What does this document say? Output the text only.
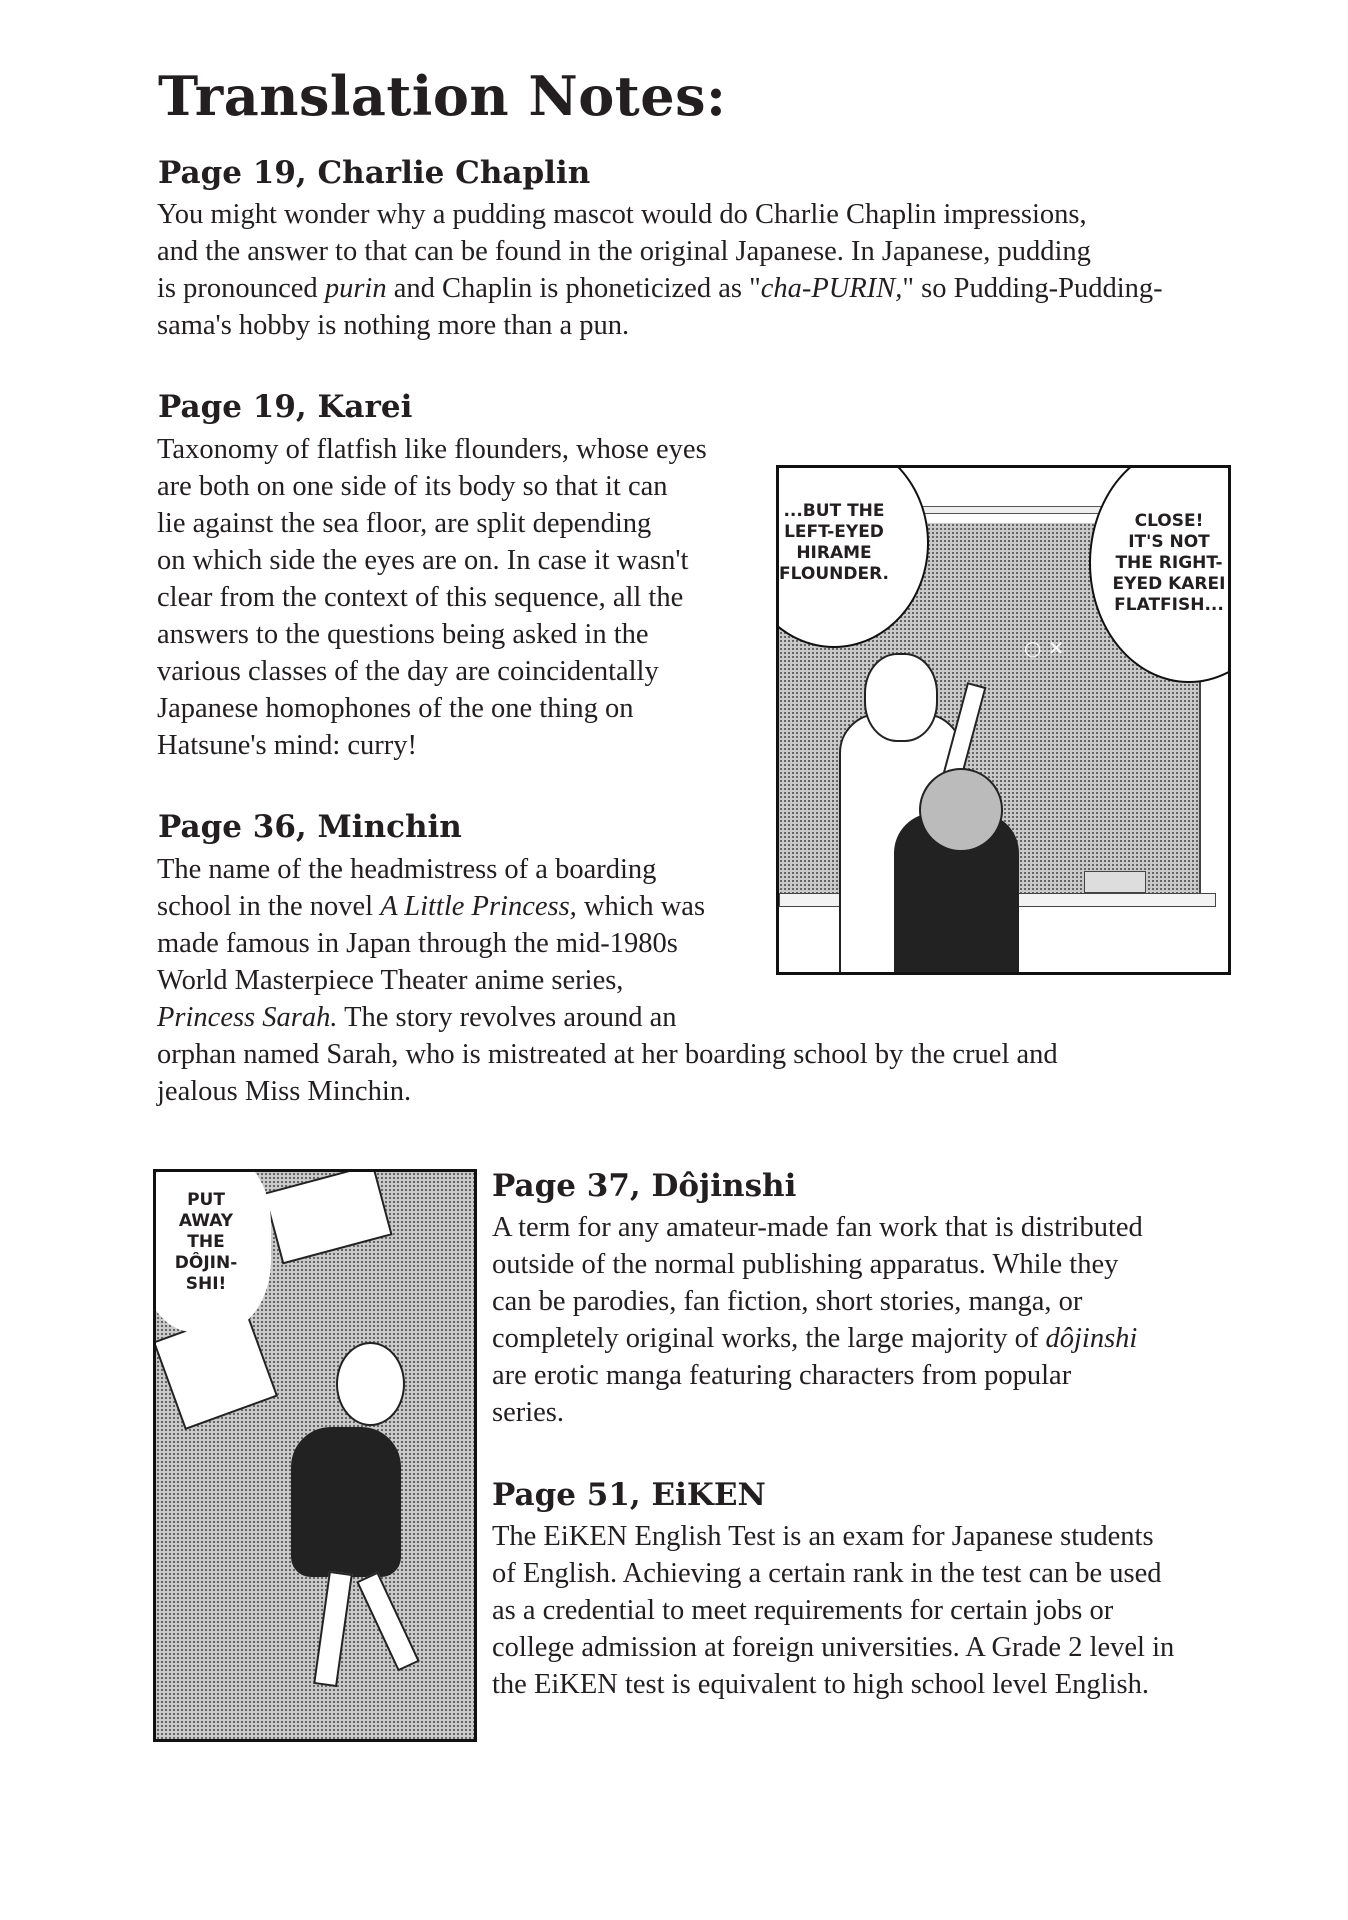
Translation Notes:
Page 19, Charlie Chaplin
You might wonder why a pudding mascot would do Charlie Chaplin impressions,
and the answer to that can be found in the original Japanese. In Japanese, pudding
is pronounced purin and Chaplin is phoneticized as "cha-PURIN," so Pudding-Pudding-
sama's hobby is nothing more than a pun.
Page 19, Karei
Taxonomy of flatfish like flounders, whose eyes
are both on one side of its body so that it can
lie against the sea floor, are split depending
on which side the eyes are on. In case it wasn't
clear from the context of this sequence, all the
answers to the questions being asked in the
various classes of the day are coincidentally
Japanese homophones of the one thing on
Hatsune's mind: curry!
Page 36, Minchin
The name of the headmistress of a boarding
school in the novel A Little Princess, which was
made famous in Japan through the mid-1980s
World Masterpiece Theater anime series,
Princess Sarah. The story revolves around an
orphan named Sarah, who is mistreated at her boarding school by the cruel and
jealous Miss Minchin.
Page 37, Dôjinshi
A term for any amateur-made fan work that is distributed
outside of the normal publishing apparatus. While they
can be parodies, fan fiction, short stories, manga, or
completely original works, the large majority of dôjinshi
are erotic manga featuring characters from popular
series.
Page 51, EiKEN
The EiKEN English Test is an exam for Japanese students
of English. Achieving a certain rank in the test can be used
as a credential to meet requirements for certain jobs or
college admission at foreign universities. A Grade 2 level in
the EiKEN test is equivalent to high school level English.
○ ✕
...BUT THE
LEFT-EYED
HIRAME
FLOUNDER.
CLOSE!
IT'S NOT
THE RIGHT-
EYED KAREI
FLATFISH...
PUT
AWAY
THE
DÔJIN-
SHI!
